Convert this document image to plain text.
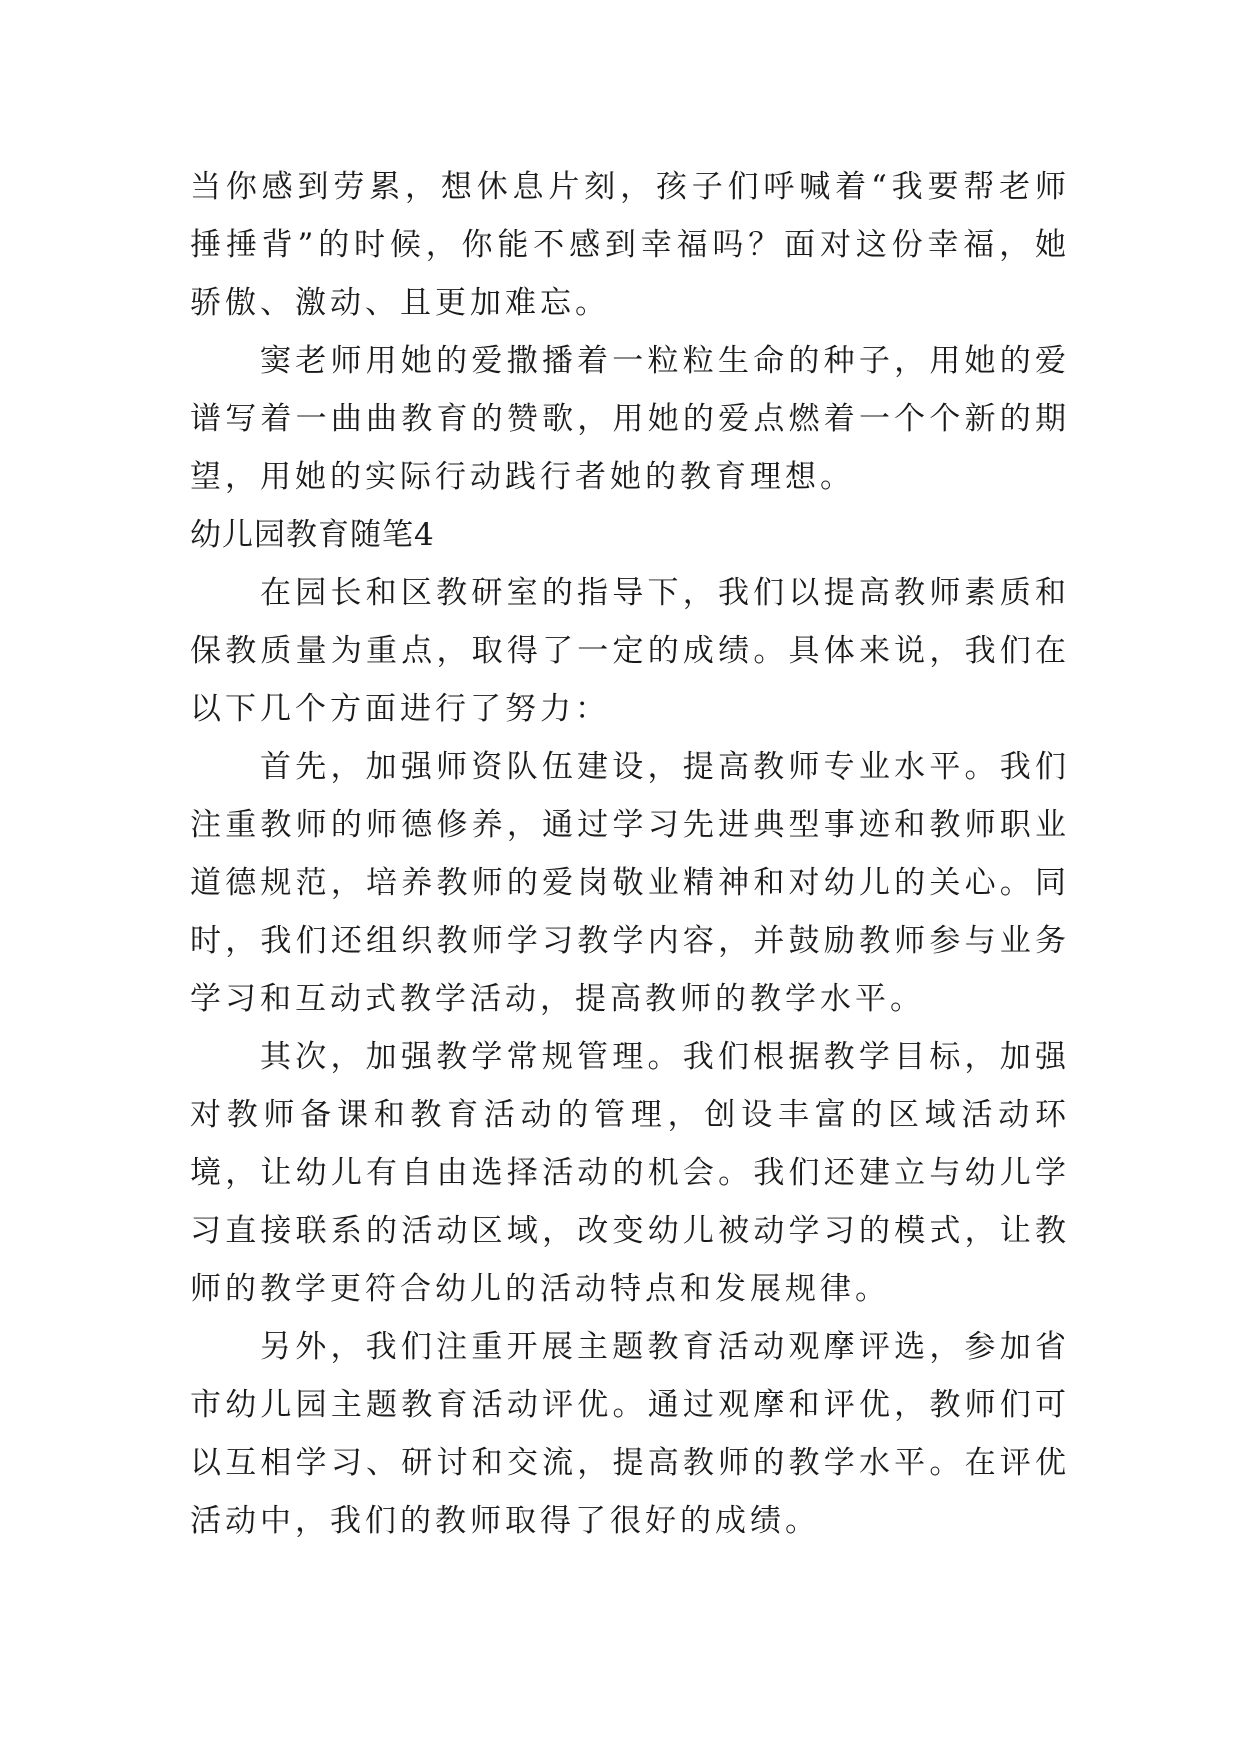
当你感到劳累，想休息片刻，孩子们呼喊着“我要帮老师捶捶背”的时候，你能不感到幸福吗？面对这份幸福，她骄傲、激动、且更加难忘。

窦老师用她的爱撒播着一粒粒生命的种子，用她的爱谱写着一曲曲教育的赞歌，用她的爱点燃着一个个新的期望，用她的实际行动践行者她的教育理想。

幼儿园教育随笔4

在园长和区教研室的指导下，我们以提高教师素质和保教质量为重点，取得了一定的成绩。具体来说，我们在以下几个方面进行了努力：

首先，加强师资队伍建设，提高教师专业水平。我们注重教师的师德修养，通过学习先进典型事迹和教师职业道德规范，培养教师的爱岗敬业精神和对幼儿的关心。同时，我们还组织教师学习教学内容，并鼓励教师参与业务学习和互动式教学活动，提高教师的教学水平。

其次，加强教学常规管理。我们根据教学目标，加强对教师备课和教育活动的管理，创设丰富的区域活动环境，让幼儿有自由选择活动的机会。我们还建立与幼儿学习直接联系的活动区域，改变幼儿被动学习的模式，让教师的教学更符合幼儿的活动特点和发展规律。

另外，我们注重开展主题教育活动观摩评选，参加省市幼儿园主题教育活动评优。通过观摩和评优，教师们可以互相学习、研讨和交流，提高教师的教学水平。在评优活动中，我们的教师取得了很好的成绩。
